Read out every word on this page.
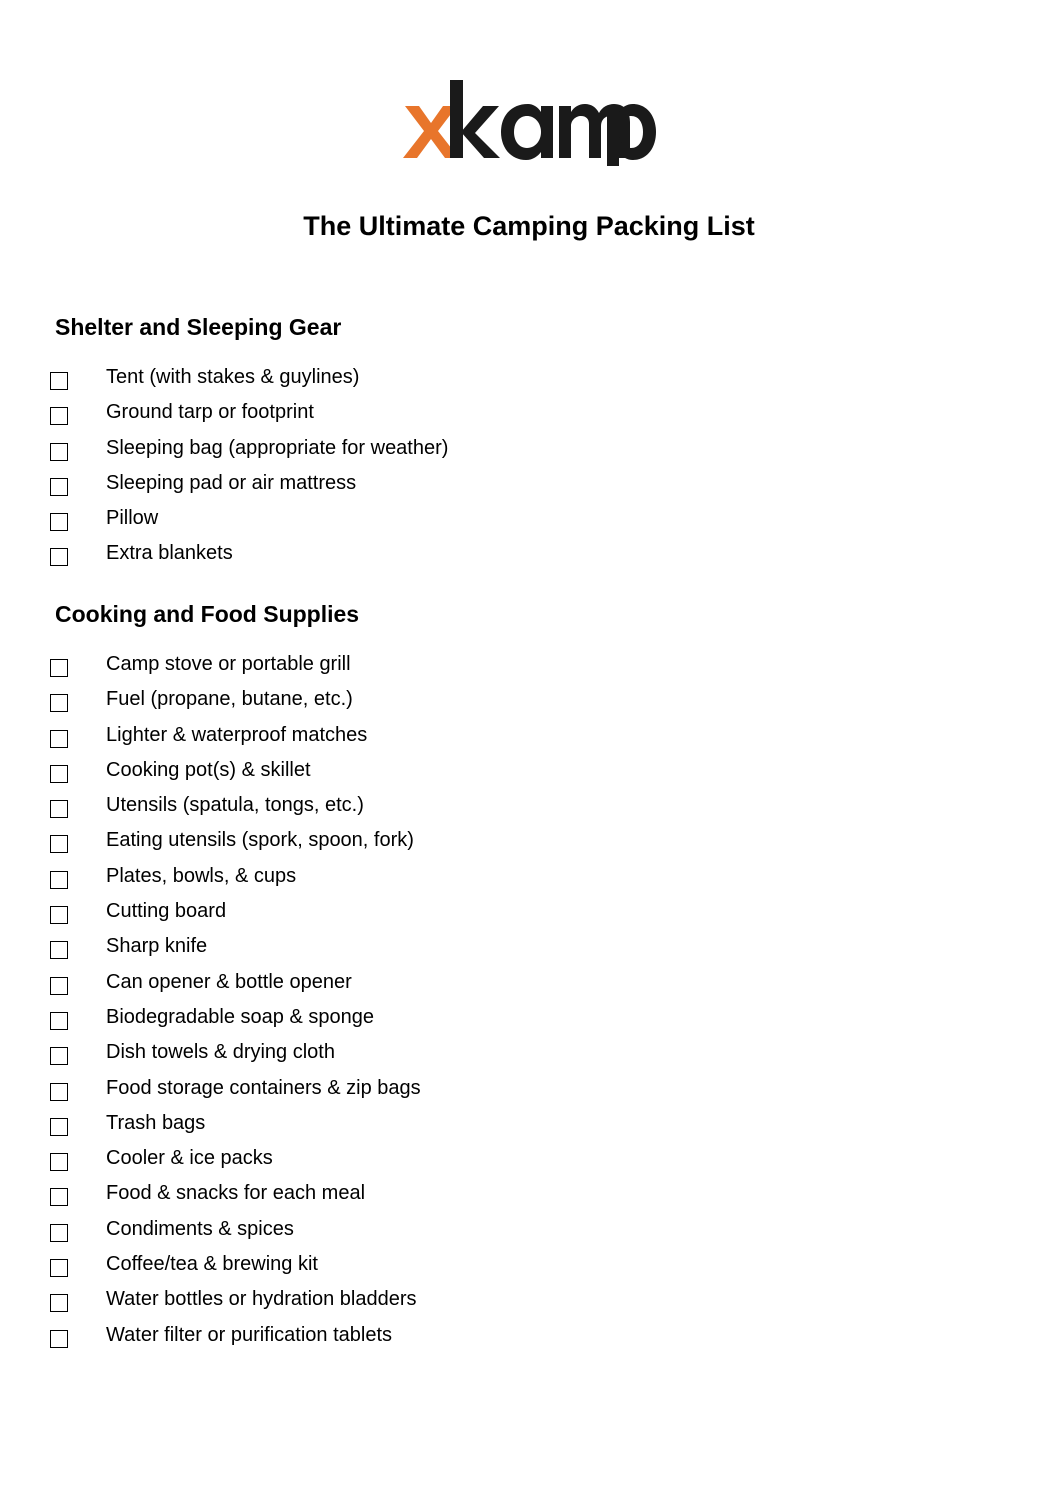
The Ultimate Camping Packing List
Shelter and Sleeping Gear
Tent (with stakes & guylines)
Ground tarp or footprint
Sleeping bag (appropriate for weather)
Sleeping pad or air mattress
Pillow
Extra blankets
Cooking and Food Supplies
Camp stove or portable grill
Fuel (propane, butane, etc.)
Lighter & waterproof matches
Cooking pot(s) & skillet
Utensils (spatula, tongs, etc.)
Eating utensils (spork, spoon, fork)
Plates, bowls, & cups
Cutting board
Sharp knife
Can opener & bottle opener
Biodegradable soap & sponge
Dish towels & drying cloth
Food storage containers & zip bags
Trash bags
Cooler & ice packs
Food & snacks for each meal
Condiments & spices
Coffee/tea & brewing kit
Water bottles or hydration bladders
Water filter or purification tablets
